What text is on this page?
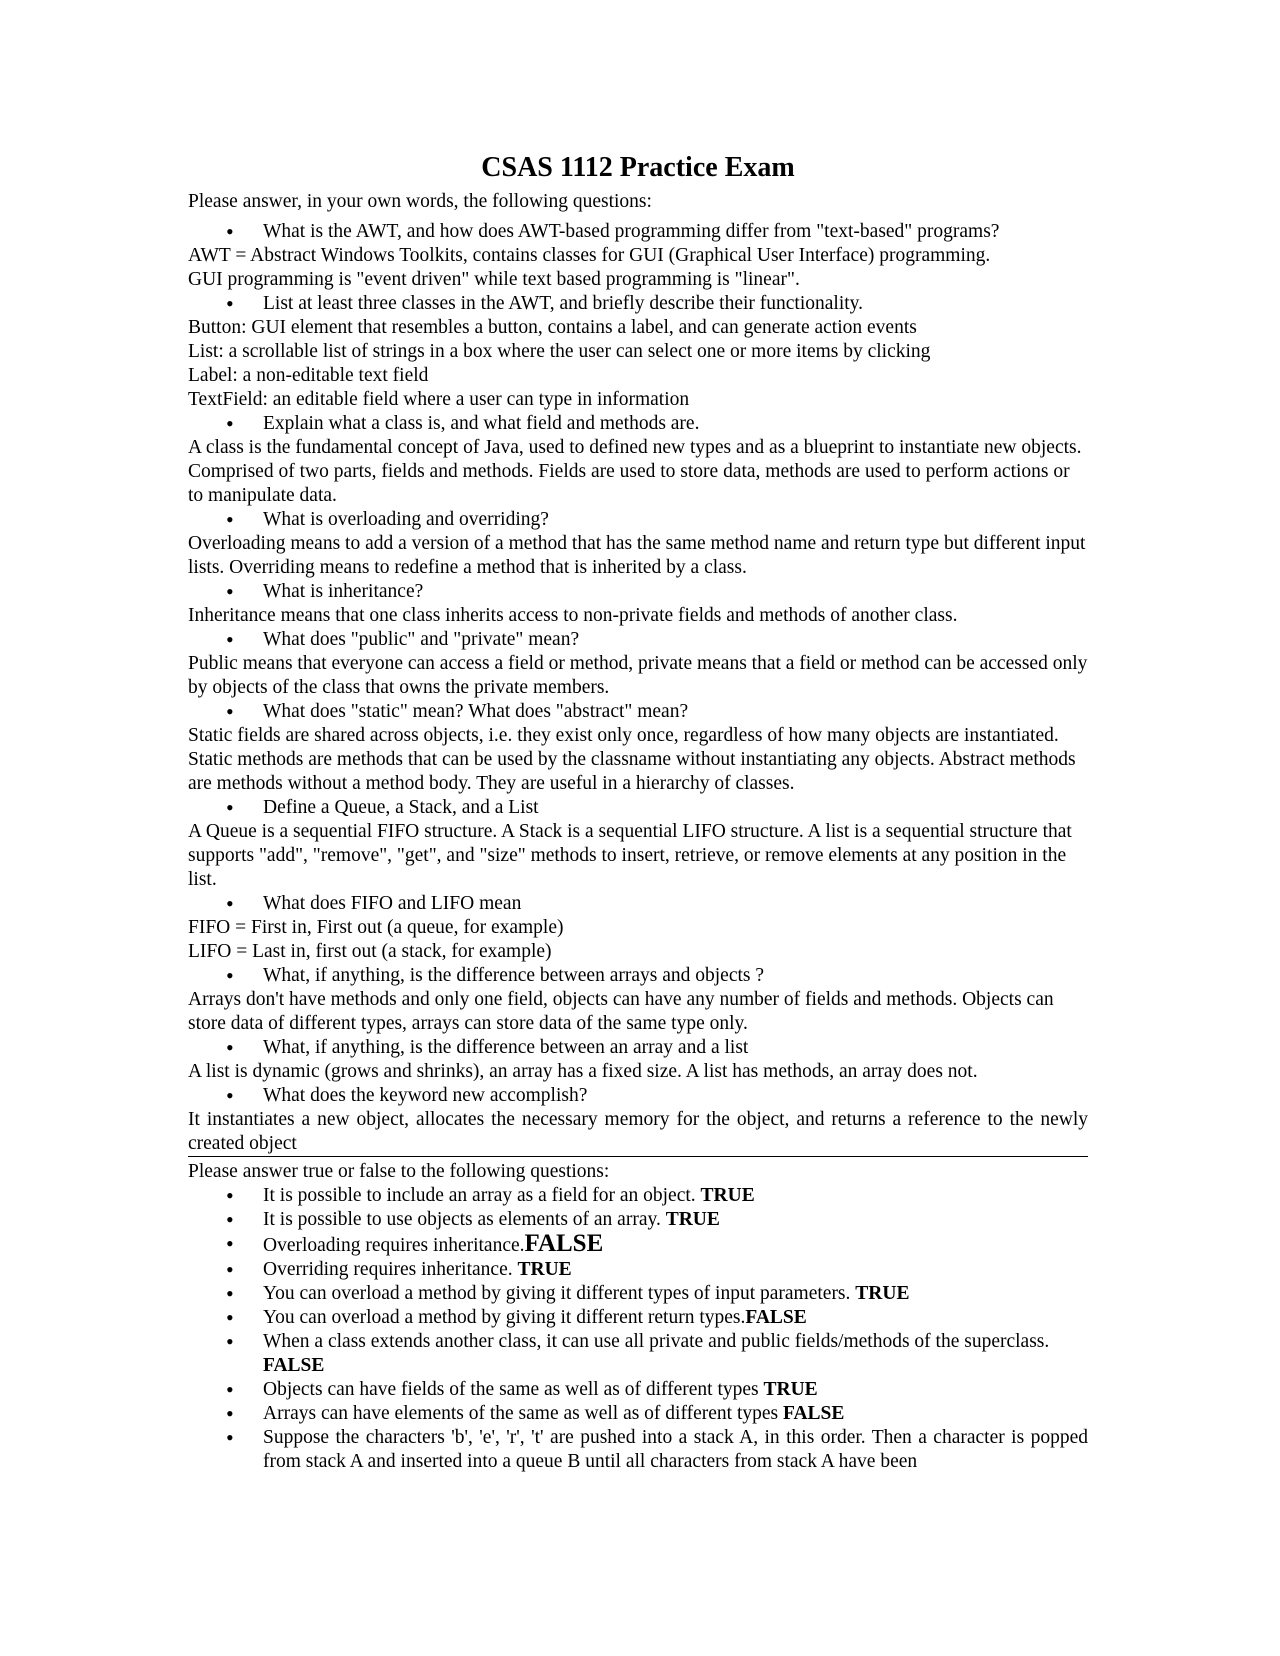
CSAS 1112 Practice Exam
Please answer, in your own words, the following questions:
• What is the AWT, and how does AWT-based programming differ from "text-based" programs?
AWT = Abstract Windows Toolkits, contains classes for GUI (Graphical User Interface) programming.
GUI programming is "event driven" while text based programming is "linear".
• List at least three classes in the AWT, and briefly describe their functionality.
Button: GUI element that resembles a button, contains a label, and can generate action events
List: a scrollable list of strings in a box where the user can select one or more items by clicking
Label: a non-editable text field
TextField: an editable field where a user can type in information
• Explain what a class is, and what field and methods are.
A class is the fundamental concept of Java, used to defined new types and as a blueprint to instantiate new objects. Comprised of two parts, fields and methods. Fields are used to store data, methods are used to perform actions or to manipulate data.
• What is overloading and overriding?
Overloading means to add a version of a method that has the same method name and return type but different input lists. Overriding means to redefine a method that is inherited by a class.
• What is inheritance?
Inheritance means that one class inherits access to non-private fields and methods of another class.
• What does "public" and "private" mean?
Public means that everyone can access a field or method, private means that a field or method can be accessed only by objects of the class that owns the private members.
• What does "static" mean? What does "abstract" mean?
Static fields are shared across objects, i.e. they exist only once, regardless of how many objects are instantiated. Static methods are methods that can be used by the classname without instantiating any objects. Abstract methods are methods without a method body. They are useful in a hierarchy of classes.
• Define a Queue, a Stack, and a List
A Queue is a sequential FIFO structure. A Stack is a sequential LIFO structure. A list is a sequential structure that supports "add", "remove", "get", and "size" methods to insert, retrieve, or remove elements at any position in the list.
• What does FIFO and LIFO mean
FIFO = First in, First out (a queue, for example)
LIFO = Last in, first out (a stack, for example)
• What, if anything, is the difference between arrays and objects ?
Arrays don't have methods and only one field, objects can have any number of fields and methods. Objects can store data of different types, arrays can store data of the same type only.
• What, if anything, is the difference between an array and a list
A list is dynamic (grows and shrinks), an array has a fixed size. A list has methods, an array does not.
• What does the keyword new accomplish?
It instantiates a new object, allocates the necessary memory for the object, and returns a reference to the newly created object
Please answer true or false to the following questions:
• It is possible to include an array as a field for an object. TRUE
• It is possible to use objects as elements of an array. TRUE
• Overloading requires inheritance.FALSE
• Overriding requires inheritance. TRUE
• You can overload a method by giving it different types of input parameters. TRUE
• You can overload a method by giving it different return types.FALSE
• When a class extends another class, it can use all private and public fields/methods of the superclass. FALSE
• Objects can have fields of the same as well as of different types TRUE
• Arrays can have elements of the same as well as of different types FALSE
• Suppose the characters 'b', 'e', 'r', 't' are pushed into a stack A, in this order. Then a character is popped from stack A and inserted into a queue B until all characters from stack A have been
